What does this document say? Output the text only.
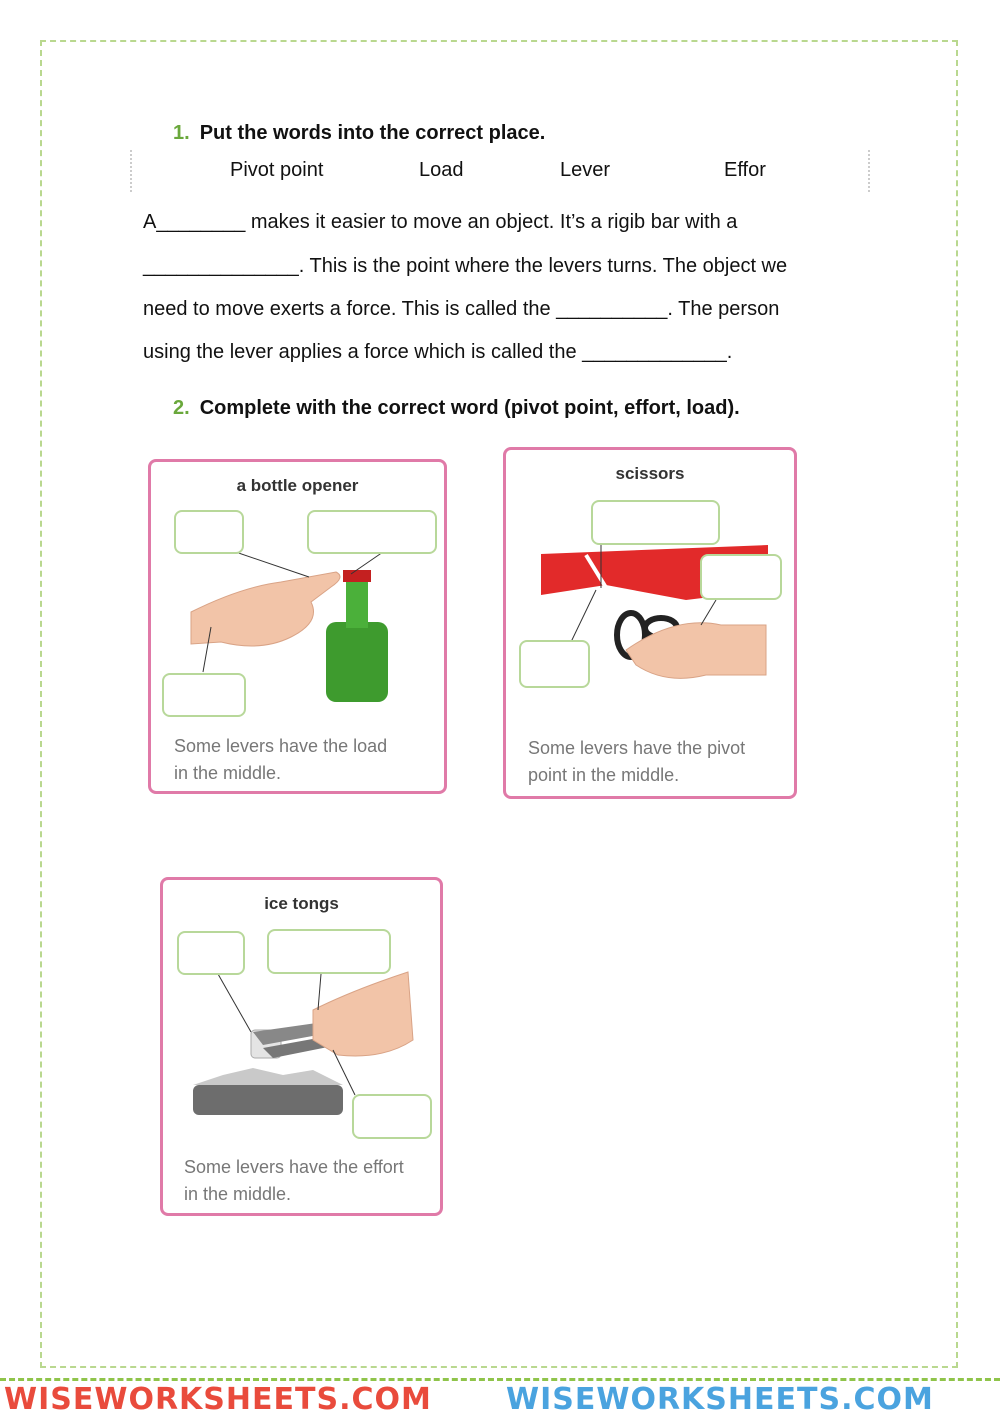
1. Put the words into the correct place.
Pivot point	Load	Lever	Effor
A________ makes it easier to move an object. It’s a rigib bar with a
______________. This is the point where the levers turns. The object we
need to move exerts a force. This is called the __________. The person
using the lever applies a force which is called the _____________.
2. Complete with the correct word (pivot point, effort, load).
a bottle opener
Some levers have the load
in the middle.
scissors
Some levers have the pivot
point in the middle.
ice tongs
Some levers have the effort
in the middle.
WISEWORKSHEETS.COM WISEWORKSHEETS.COM
